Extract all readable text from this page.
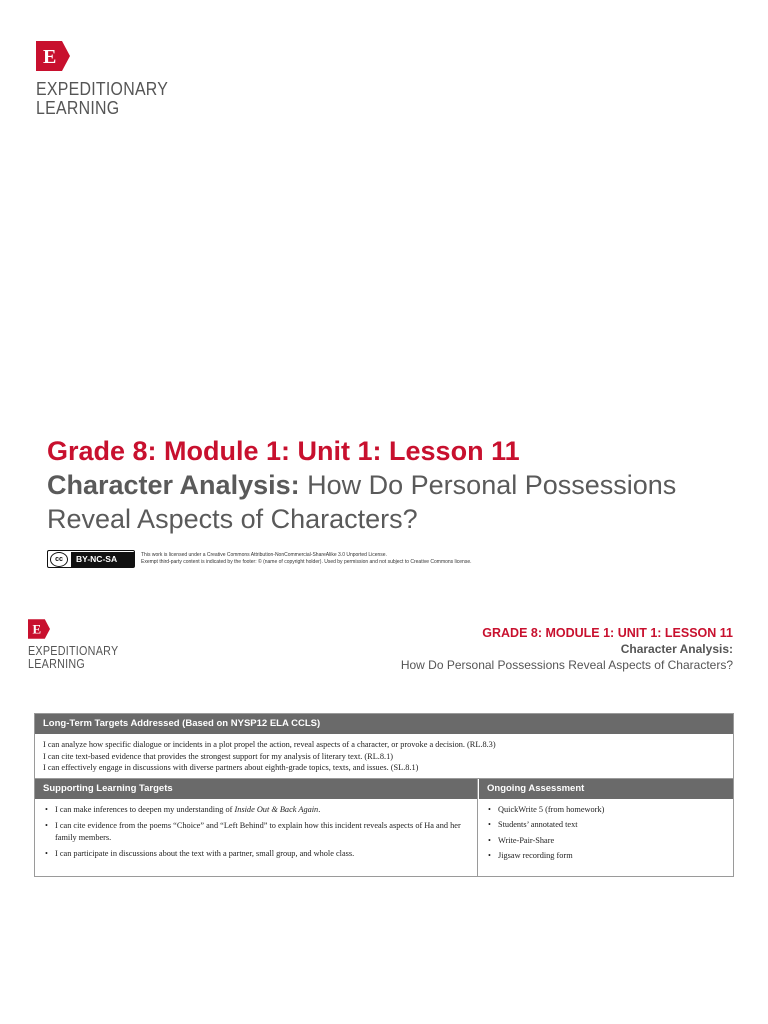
E
EXPEDITIONARY
LEARNING
Grade 8: Module 1: Unit 1: Lesson 11
Character Analysis: How Do Personal Possessions Reveal Aspects of Characters?
cc	BY-NC-SA	This work is licensed under a Creative Commons Attribution-NonCommercial-ShareAlike 3.0 Unported License.
Exempt third-party content is indicated by the footer: © (name of copyright holder). Used by permission and not subject to Creative Commons license.
E
EXPEDITIONARY
LEARNING
GRADE 8: MODULE 1: UNIT 1: LESSON 11
Character Analysis:
How Do Personal Possessions Reveal Aspects of Characters?
Long-Term Targets Addressed (Based on NYSP12 ELA CCLS)
I can analyze how specific dialogue or incidents in a plot propel the action, reveal aspects of a character, or provoke a decision. (RL.8.3)
I can cite text-based evidence that provides the strongest support for my analysis of literary text. (RL.8.1)
I can effectively engage in discussions with diverse partners about eighth-grade topics, texts, and issues. (SL.8.1)
Supporting Learning Targets
• I can make inferences to deepen my understanding of Inside Out & Back Again.
• I can cite evidence from the poems “Choice” and “Left Behind” to explain how this incident reveals aspects of Ha and her family members.
• I can participate in discussions about the text with a partner, small group, and whole class.
Ongoing Assessment
• QuickWrite 5 (from homework)
• Students’ annotated text
• Write-Pair-Share
• Jigsaw recording form
